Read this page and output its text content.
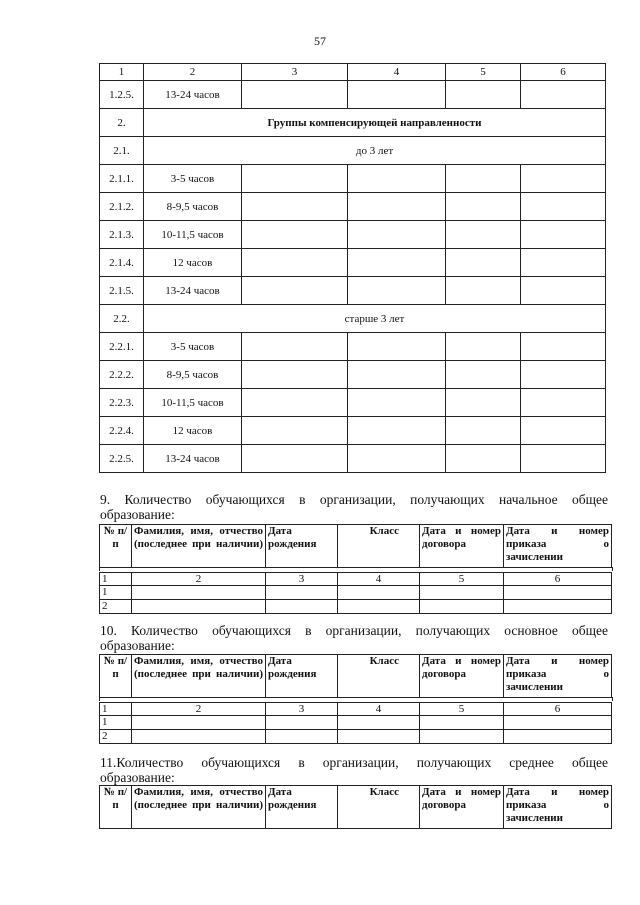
57
1	2	3	4	5	6
1.2.5.	13-24 часов				
2.	Группы компенсирующей направленности				
2.1.	до 3 лет				
2.1.1.	3-5 часов				
2.1.2.	8-9,5 часов				
2.1.3.	10-11,5 часов				
2.1.4.	12 часов				
2.1.5.	13-24 часов				
2.2.	старше 3 лет				
2.2.1.	3-5 часов				
2.2.2.	8-9,5 часов				
2.2.3.	10-11,5 часов				
2.2.4.	12 часов				
2.2.5.	13-24 часов				
9. Количество обучающихся в организации, получающих начальное общее
образование:
№ п/п	Фамилия, имя, отчество (последнее при наличии)	Дата рождения	Класс	Дата и номер договора	Дата и номер приказа о зачислении
1	2	3	4	5	6
1					
2					
10. Количество обучающихся в организации, получающих основное общее
образование:
№ п/п	Фамилия, имя, отчество (последнее при наличии)	Дата рождения	Класс	Дата и номер договора	Дата и номер приказа о зачислении
1	2	3	4	5	6
1					
2					
11.Количество обучающихся в организации, получающих среднее общее
образование:
№ п/п	Фамилия, имя, отчество (последнее при наличии)	Дата рождения	Класс	Дата и номер договора	Дата и номер приказа о зачислении
